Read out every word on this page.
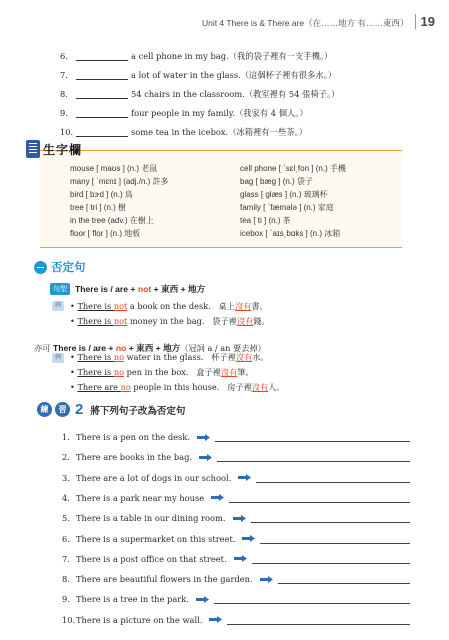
Unit 4 There is & There are（在……地方 有……東西） 19
6.	a cell phone in my bag.（我的袋子裡有一支手機。）
7.	a lot of water in the glass.（這個杯子裡有很多水。）
8.	54 chairs in the classroom.（教室裡有 54 張椅子。）
9.	four people in my family.（我家有 4 個人。）
10.	some tea in the icebox.（冰箱裡有一些茶。）
生字欄
mouse [ maʊs ] (n.) 老鼠
many [ ˋmɛnɪ ] (adj./n.) 許多
bird [ bɝd ] (n.) 鳥
tree [ tri ] (n.) 樹
in the tree (adv.) 在樹上
floor [ flor ] (n.) 地板
cell phone [ ˋsɛl͵fon ] (n.) 手機
bag [ bæg ] (n.) 袋子
glass [ glæs ] (n.) 玻璃杯
family [ ˋfæmələ ] (n.) 家庭
tea [ ti ] (n.) 茶
icebox [ ˋaɪs͵bɑks ] (n.) 冰箱
否定句
句型 There is / are + not + 東西 + 地方
例	• There is not a book on the desk. 桌上沒有書。
• There is not money in the bag. 袋子裡沒有錢。
亦可 There is / are + no + 東西 + 地方（冠詞 a / an 要去掉）
例	• There is no water in the glass. 杯子裡沒有水。
• There is no pen in the box. 盒子裡沒有筆。
• There are no people in this house. 房子裡沒有人。
練	習 2 將下列句子改為否定句
1. There is a pen on the desk.
2. There are books in the bag.
3. There are a lot of dogs in our school.
4. There is a park near my house
5. There is a table in our dining room.
6. There is a supermarket on this street.
7. There is a post office on that street.
8. There are beautiful flowers in the garden.
9. There is a tree in the park.
10.There is a picture on the wall.
